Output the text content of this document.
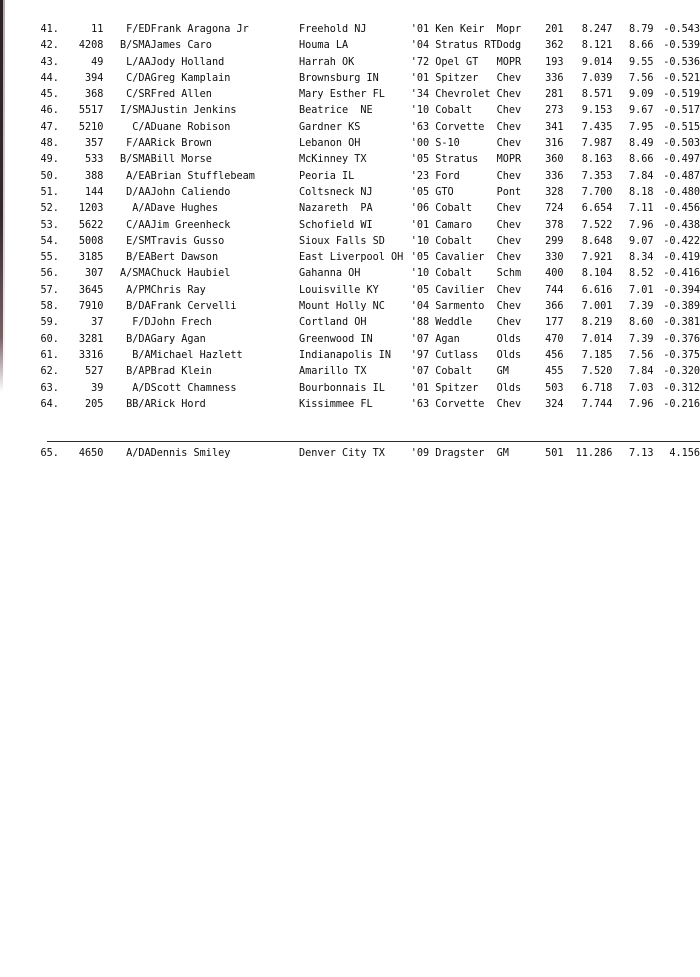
41.	11	F/ED	Frank Aragona Jr	Freehold NJ	'01 Ken Keir	Mopr	201	8.247	8.79	-0.543
42.	4208	B/SMA	James Caro	Houma LA	'04 Stratus RT	Dodg	362	8.121	8.66	-0.539
43.	49	L/AA	Jody Holland	Harrah OK	'72 Opel GT	MOPR	193	9.014	9.55	-0.536
44.	394	C/DA	Greg Kamplain	Brownsburg IN	'01 Spitzer	Chev	336	7.039	7.56	-0.521
45.	368	C/SR	Fred Allen	Mary Esther FL	'34 Chevrolet	Chev	281	8.571	9.09	-0.519
46.	5517	I/SMA	Justin Jenkins	Beatrice  NE	'10 Cobalt	Chev	273	9.153	9.67	-0.517
47.	5210	C/A	Duane Robison	Gardner KS	'63 Corvette	Chev	341	7.435	7.95	-0.515
48.	357	F/AA	Rick Brown	Lebanon OH	'00 S-10	Chev	316	7.987	8.49	-0.503
49.	533	B/SMA	Bill Morse	McKinney TX	'05 Stratus	MOPR	360	8.163	8.66	-0.497
50.	388	A/EA	Brian Stufflebeam	Peoria IL	'23 Ford	Chev	336	7.353	7.84	-0.487
51.	144	D/AA	John Caliendo	Coltsneck NJ	'05 GTO	Pont	328	7.700	8.18	-0.480
52.	1203	A/A	Dave Hughes	Nazareth  PA	'06 Cobalt	Chev	724	6.654	7.11	-0.456
53.	5622	C/AA	Jim Greenheck	Schofield WI	'01 Camaro	Chev	378	7.522	7.96	-0.438
54.	5008	E/SM	Travis Gusso	Sioux Falls SD	'10 Cobalt	Chev	299	8.648	9.07	-0.422
55.	3185	B/EA	Bert Dawson	East Liverpool OH	'05 Cavalier	Chev	330	7.921	8.34	-0.419
56.	307	A/SMA	Chuck Haubiel	Gahanna OH	'10 Cobalt	Schm	400	8.104	8.52	-0.416
57.	3645	A/PM	Chris Ray	Louisville KY	'05 Cavilier	Chev	744	6.616	7.01	-0.394
58.	7910	B/DA	Frank Cervelli	Mount Holly NC	'04 Sarmento	Chev	366	7.001	7.39	-0.389
59.	37	F/D	John Frech	Cortland OH	'88 Weddle	Chev	177	8.219	8.60	-0.381
60.	3281	B/DA	Gary Agan	Greenwood IN	'07 Agan	Olds	470	7.014	7.39	-0.376
61.	3316	B/A	Michael Hazlett	Indianapolis IN	'97 Cutlass	Olds	456	7.185	7.56	-0.375
62.	527	B/AP	Brad Klein	Amarillo TX	'07 Cobalt	GM	455	7.520	7.84	-0.320
63.	39	A/D	Scott Chamness	Bourbonnais IL	'01 Spitzer	Olds	503	6.718	7.03	-0.312
64.	205	BB/A	Rick Hord	Kissimmee FL	'63 Corvette	Chev	324	7.744	7.96	-0.216

65.	4650	A/DA	Dennis Smiley	Denver City TX	'09 Dragster	GM	501	11.286	7.13	4.156
